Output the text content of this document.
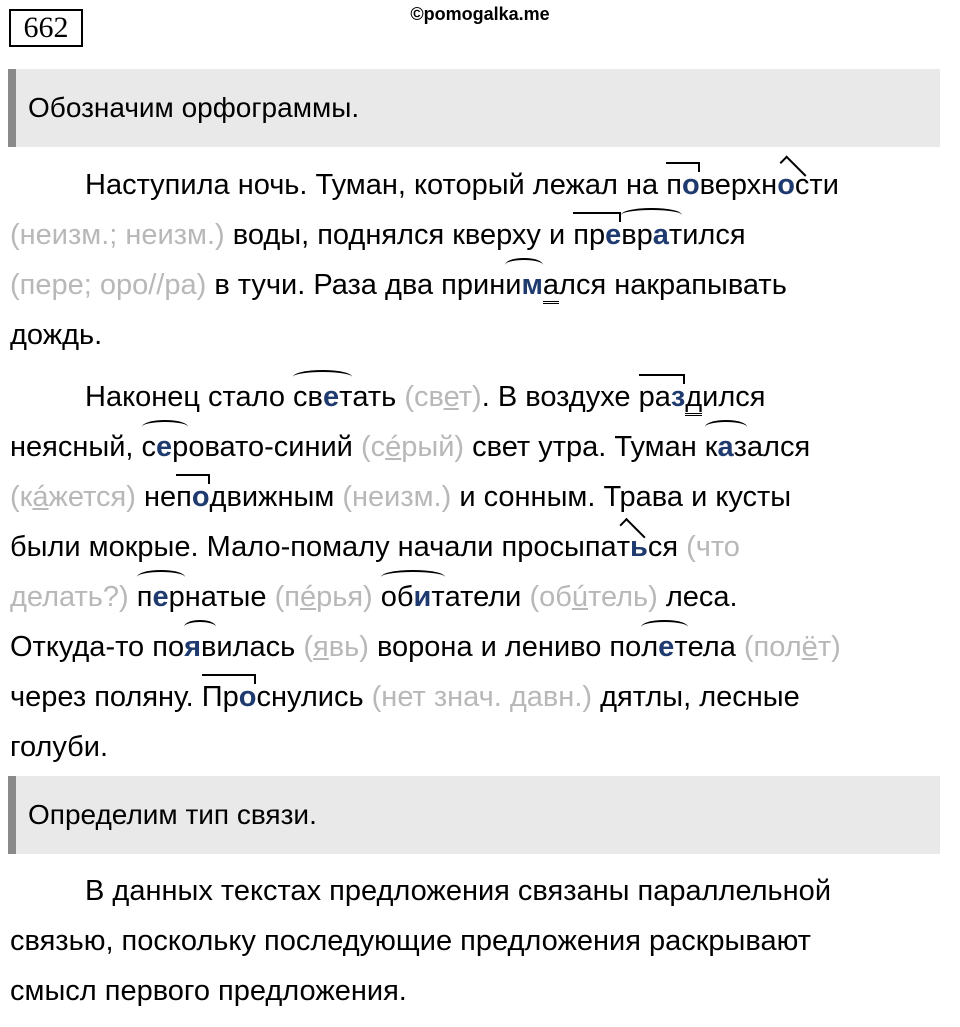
662	©pomogalka.me
Обозначим орфограммы.
Наступила ночь. Туман, который лежал на поверхности
(неизм.; неизм.) воды, поднялся кверху и превратился
(пере; оро//ра) в тучи. Раза два принимался накрапывать
дождь.
Наконец стало светать (свет). В воздухе раздился
неясный, серовато-синий (сéрый) свет утра. Туман казался
(кáжется) неподвижным (неизм.) и сонным. Трава и кусты
были мокрые. Мало-помалу начали просыпаться (что
делать?) пернатые (пéрья) обитатели (обúтель) леса.
Откуда-то появилась (явь) ворона и лениво полетела (полёт)
через поляну. Проснулись (нет знач. давн.) дятлы, лесные
голуби.
Определим тип связи.
В данных текстах предложения связаны параллельной
связью, поскольку последующие предложения раскрывают
смысл первого предложения.
